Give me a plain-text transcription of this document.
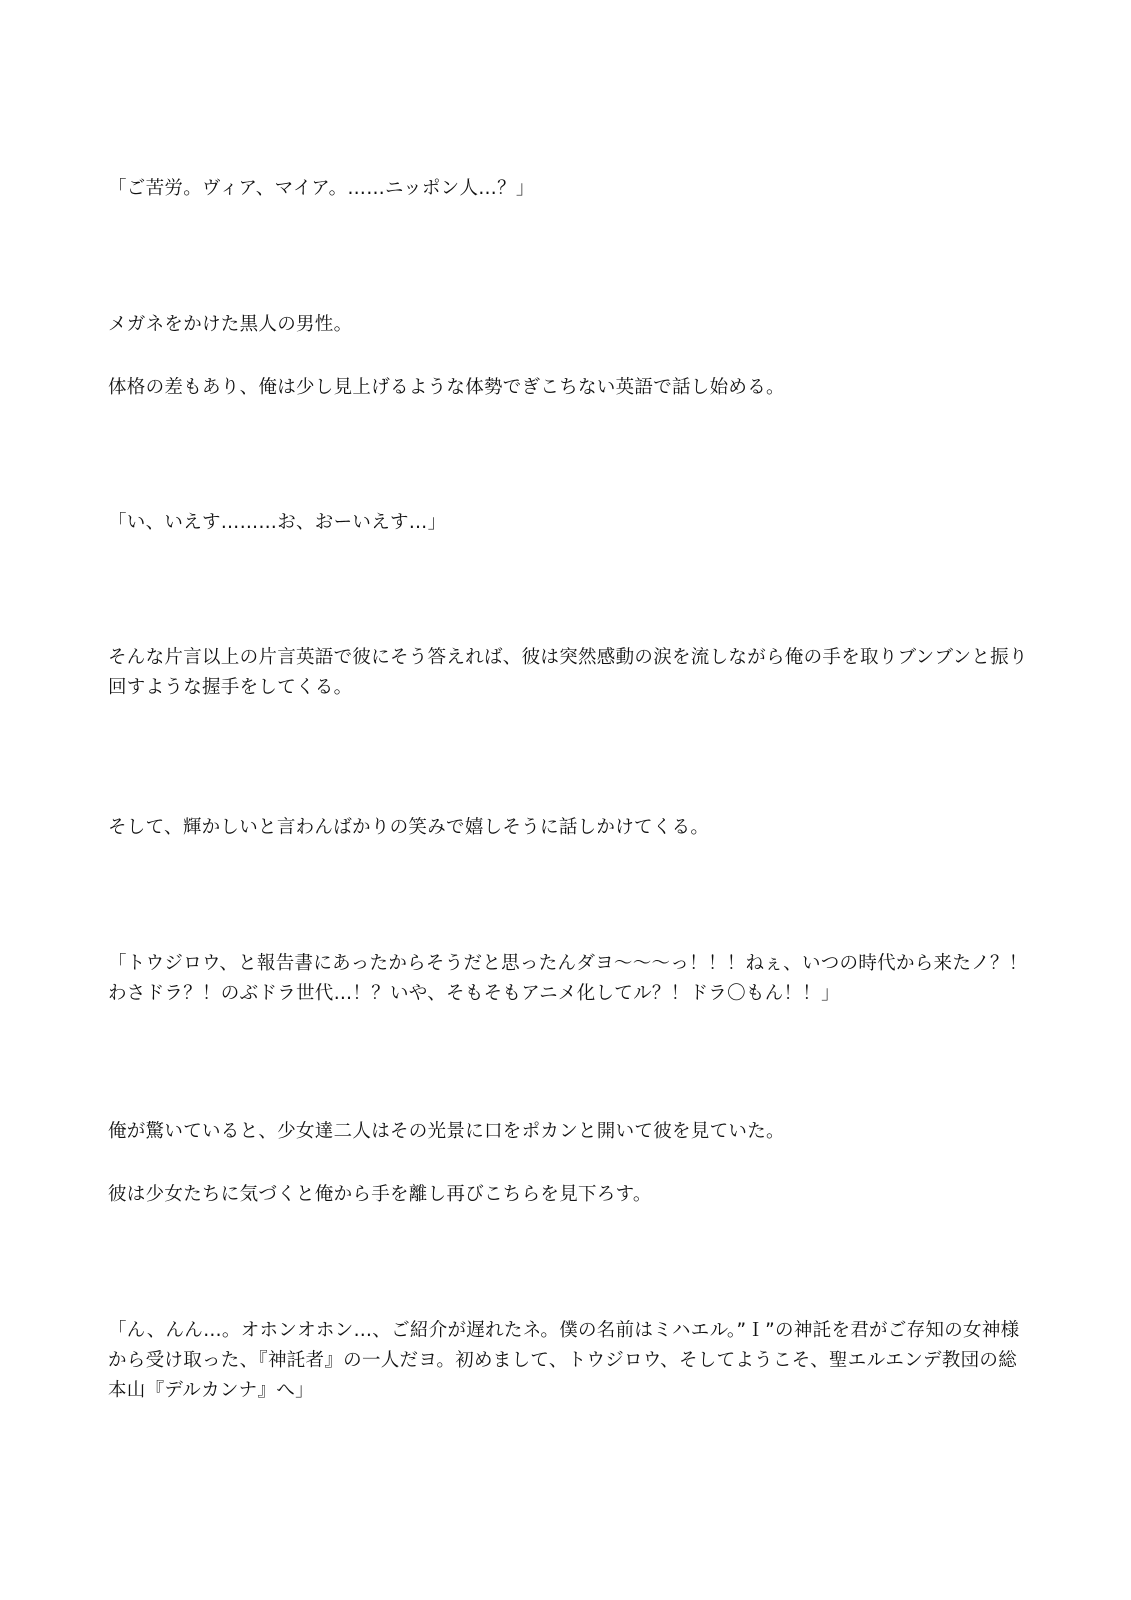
「ご苦労。ヴィア、マイア。……ニッポン人…？」

メガネをかけた黒人の男性。

体格の差もあり、俺は少し見上げるような体勢でぎこちない英語で話し始める。

「い、いえす………お、おーいえす…」

そんな片言以上の片言英語で彼にそう答えれば、彼は突然感動の涙を流しながら俺の手を取りブンブンと振り回すような握手をしてくる。

そして、輝かしいと言わんばかりの笑みで嬉しそうに話しかけてくる。

「トウジロウ、と報告書にあったからそうだと思ったんダヨ〜〜〜っ！！！ねぇ、いつの時代から来たノ？！わさドラ？！のぶドラ世代…！？いや、そもそもアニメ化してル？！ドラ〇もん！！」

俺が驚いていると、少女達二人はその光景に口をポカンと開いて彼を見ていた。

彼は少女たちに気づくと俺から手を離し再びこちらを見下ろす。

「ん、んん…。オホンオホン…、ご紹介が遅れたネ。僕の名前はミハエル。”Ｉ”の神託を君がご存知の女神様から受け取った、『神託者』の一人だヨ。初めまして、トウジロウ、そしてようこそ、聖エルエンデ教団の総本山『デルカンナ』へ」
